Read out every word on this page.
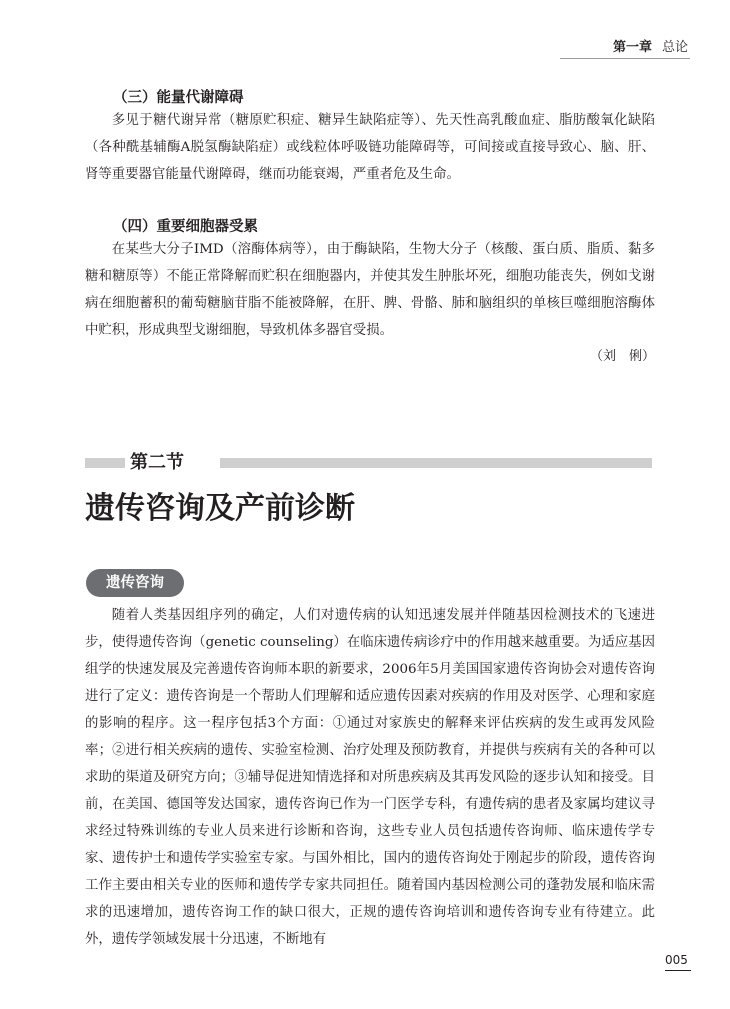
第一章 总论
（三）能量代谢障碍

多见于糖代谢异常（糖原贮积症、糖异生缺陷症等）、先天性高乳酸血症、脂肪酸氧化缺陷（各种酰基辅酶A脱氢酶缺陷症）或线粒体呼吸链功能障碍等，可间接或直接导致心、脑、肝、肾等重要器官能量代谢障碍，继而功能衰竭，严重者危及生命。

（四）重要细胞器受累

在某些大分子IMD（溶酶体病等），由于酶缺陷，生物大分子（核酸、蛋白质、脂质、黏多糖和糖原等）不能正常降解而贮积在细胞器内，并使其发生肿胀坏死，细胞功能丧失，例如戈谢病在细胞蓄积的葡萄糖脑苷脂不能被降解，在肝、脾、骨骼、肺和脑组织的单核巨噬细胞溶酶体中贮积，形成典型戈谢细胞，导致机体多器官受损。

（刘　俐）
第二节
遗传咨询及产前诊断
遗传咨询

随着人类基因组序列的确定，人们对遗传病的认知迅速发展并伴随基因检测技术的飞速进步，使得遗传咨询（genetic counseling）在临床遗传病诊疗中的作用越来越重要。为适应基因组学的快速发展及完善遗传咨询师本职的新要求，2006年5月美国国家遗传咨询协会对遗传咨询进行了定义：遗传咨询是一个帮助人们理解和适应遗传因素对疾病的作用及对医学、心理和家庭的影响的程序。这一程序包括3个方面：①通过对家族史的解释来评估疾病的发生或再发风险率；②进行相关疾病的遗传、实验室检测、治疗处理及预防教育，并提供与疾病有关的各种可以求助的渠道及研究方向；③辅导促进知情选择和对所患疾病及其再发风险的逐步认知和接受。目前，在美国、德国等发达国家，遗传咨询已作为一门医学专科，有遗传病的患者及家属均建议寻求经过特殊训练的专业人员来进行诊断和咨询，这些专业人员包括遗传咨询师、临床遗传学专家、遗传护士和遗传学实验室专家。与国外相比，国内的遗传咨询处于刚起步的阶段，遗传咨询工作主要由相关专业的医师和遗传学专家共同担任。随着国内基因检测公司的蓬勃发展和临床需求的迅速增加，遗传咨询工作的缺口很大，正规的遗传咨询培训和遗传咨询专业有待建立。此外，遗传学领域发展十分迅速，不断地有

005
